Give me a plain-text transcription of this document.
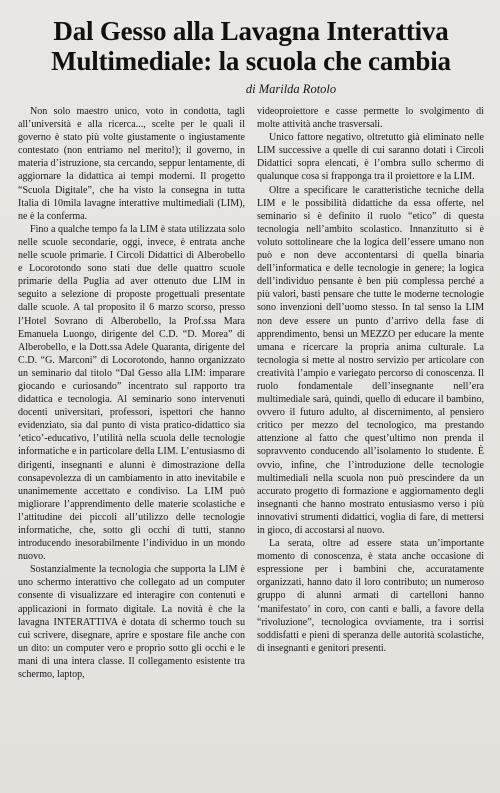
Dal Gesso alla Lavagna Interattiva
Multimediale: la scuola che cambia
di Marilda Rotolo

Non solo maestro unico, voto in condotta, tagli all’università e alla ricerca..., scelte per le quali il governo è stato più volte giustamente o ingiustamente contestato (non entriamo nel merito!); il governo, in materia d’istruzione, sta cercando, seppur lentamente, di aggiornare la didattica ai tempi moderni. Il progetto “Scuola Digitale”, che ha visto la consegna in tutta Italia di 10mila lavagne interattive multimediali (LIM), ne è la conferma.

Fino a qualche tempo fa la LIM è stata utilizzata solo nelle scuole secondarie, oggi, invece, è entrata anche nelle scuole primarie. I Circoli Didattici di Alberobello e Locorotondo sono stati due delle quattro scuole primarie della Puglia ad aver ottenuto due LIM in seguito a selezione di proposte progettuali presentate dalle scuole. A tal proposito il 6 marzo scorso, presso l’Hotel Sovrano di Alberobello, la Prof.ssa Mara Emanuela Luongo, dirigente del C.D. “D. Morea” di Alberobello, e la Dott.ssa Adele Quaranta, dirigente del C.D. “G. Marconi” di Locorotondo, hanno organizzato un seminario dal titolo “Dal Gesso alla LIM: imparare giocando e curiosando” incentrato sul rapporto tra didattica e tecnologia. Al seminario sono intervenuti docenti universitari, professori, ispettori che hanno evidenziato, sia dal punto di vista pratico-didattico sia ‘etico’-educativo, l’utilità nella scuola delle tecnologie informatiche e in particolare della LIM. L’entusiasmo di dirigenti, insegnanti e alunni è dimostrazione della consapevolezza di un cambiamento in atto inevitabile e unanimemente accettato e condiviso. La LIM può migliorare l’apprendimento delle materie scolastiche e l’attitudine dei piccoli all’utilizzo delle tecnologie informatiche, che, sotto gli occhi di tutti, stanno introducendo inesorabilmente l’individuo in un mondo nuovo.

Sostanzialmente la tecnologia che supporta la LIM è uno schermo interattivo che collegato ad un computer consente di visualizzare ed interagire con contenuti e applicazioni in formato digitale. La novità è che la lavagna INTERATTIVA è dotata di schermo touch su cui scrivere, disegnare, aprire e spostare file anche con un dito: un computer vero e proprio sotto gli occhi e le mani di una intera classe. Il collegamento esistente tra schermo, laptop,

videoproiettore e casse permette lo svolgimento di molte attività anche trasversali.

Unico fattore negativo, oltretutto già eliminato nelle LIM successive a quelle di cui saranno dotati i Circoli Didattici sopra elencati, è l’ombra sullo schermo di qualunque cosa si frapponga tra il proiettore e la LIM.

Oltre a specificare le caratteristiche tecniche della LIM e le possibilità didattiche da essa offerte, nel seminario si è definito il ruolo “etico” di questa tecnologia nell’ambito scolastico. Innanzitutto si è voluto sottolineare che la logica dell’essere umano non può e non deve accontentarsi di quella binaria dell’informatica e delle tecnologie in genere; la logica dell’individuo pensante è ben più complessa perché a più valori, basti pensare che tutte le moderne tecnologie sono invenzioni dell’uomo stesso. In tal senso la LIM non deve essere un punto d’arrivo della fase di apprendimento, bensì un MEZZO per educare la mente umana e ricercare la propria anima culturale. La tecnologia si mette al nostro servizio per articolare con creatività l’ampio e variegato percorso di conoscenza. Il ruolo fondamentale dell’insegnante nell’era multimediale sarà, quindi, quello di educare il bambino, ovvero il futuro adulto, al discernimento, al pensiero critico per mezzo del tecnologico, ma prestando attenzione al fatto che quest’ultimo non prenda il sopravvento conducendo all’isolamento lo studente. È ovvio, infine, che l’introduzione delle tecnologie multimediali nella scuola non può prescindere da un accurato progetto di formazione e aggiornamento degli insegnanti che hanno mostrato entusiasmo verso i più innovativi strumenti didattici, voglia di fare, di mettersi in gioco, di accostarsi al nuovo.

La serata, oltre ad essere stata un’importante momento di conoscenza, è stata anche occasione di espressione per i bambini che, accuratamente organizzati, hanno dato il loro contributo; un numeroso gruppo di alunni armati di cartelloni hanno ‘manifestato’ in coro, con canti e balli, a favore della “rivoluzione”, tecnologica ovviamente, tra i sorrisi soddisfatti e pieni di speranza delle autorità scolastiche, di insegnanti e genitori presenti.
